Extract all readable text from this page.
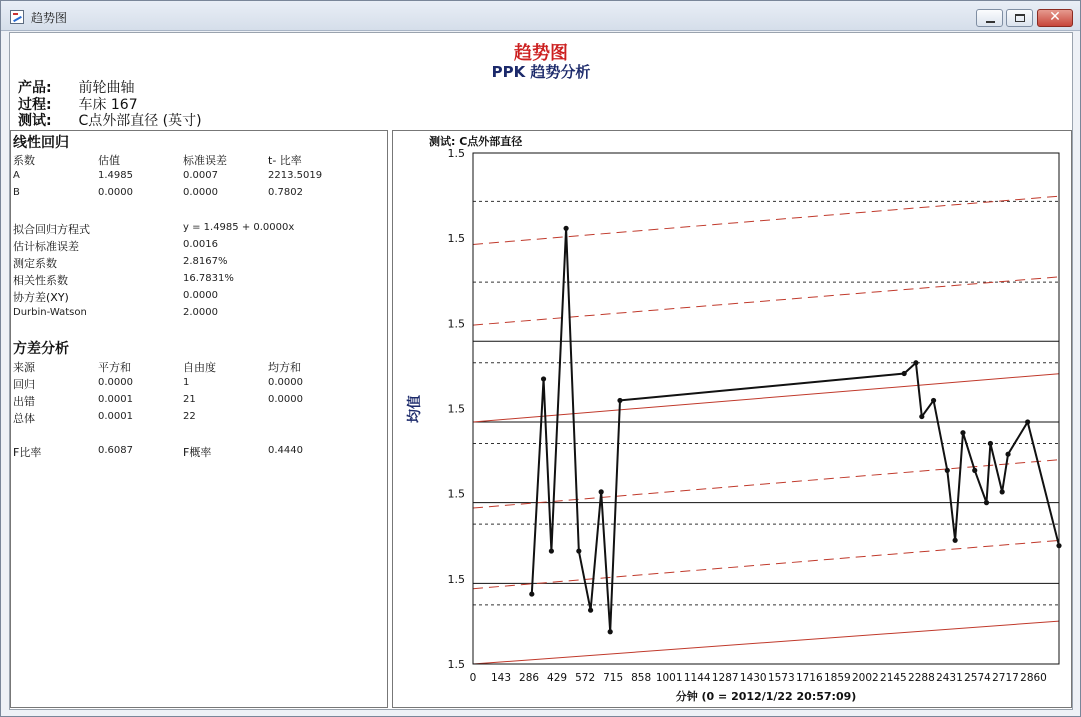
趋势图	✕
趋势图
PPK 趋势分析
产品: 前轮曲轴
过程: 车床 167
测试: C点外部直径 (英寸)
线性回归
系数	估值	标准误差	t- 比率
A	1.4985	0.0007	2213.5019
B	0.0000	0.0000	0.7802
拟合回归方程式	y = 1.4985 + 0.0000x
估计标准误差	0.0016
测定系数	2.8167%
相关性系数	16.7831%
协方差(XY)	0.0000
Durbin-Watson	2.0000
方差分析
来源	平方和	自由度	均方和
回归	0.0000	1	0.0000
出错	0.0001	21	0.0000
总体	0.0001	22
F比率	0.6087	F概率	0.4440
测试: C点外部直径
1.5
1.5
1.5
1.5
1.5
1.5
1.5
0 143 286 429 572 715 858 1001 1144 1287 1430 1573 1716 1859 2002 2145 2288 2431 2574 2717 2860
均值
分钟 (0 = 2012/1/22 20:57:09)
